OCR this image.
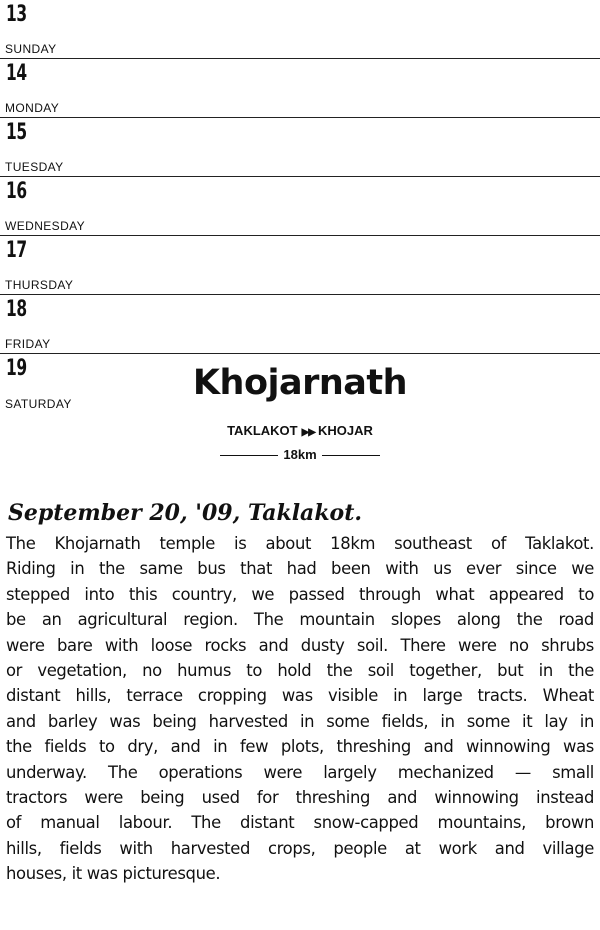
13
SUNDAY
14
MONDAY
15
TUESDAY
16
WEDNESDAY
17
THURSDAY
18
FRIDAY
19
SATURDAY
Khojarnath
TAKLAKOT ▶▶ KHOJAR
18km
September 20, '09, Taklakot.
The Khojarnath temple is about 18km southeast of Taklakot.
Riding in the same bus that had been with us ever since we
stepped into this country, we passed through what appeared to
be an agricultural region. The mountain slopes along the road
were bare with loose rocks and dusty soil. There were no shrubs
or vegetation, no humus to hold the soil together, but in the
distant hills, terrace cropping was visible in large tracts. Wheat
and barley was being harvested in some fields, in some it lay in
the fields to dry, and in few plots, threshing and winnowing was
underway. The operations were largely mechanized — small
tractors were being used for threshing and winnowing instead
of manual labour. The distant snow-capped mountains, brown
hills, fields with harvested crops, people at work and village
houses, it was picturesque.
